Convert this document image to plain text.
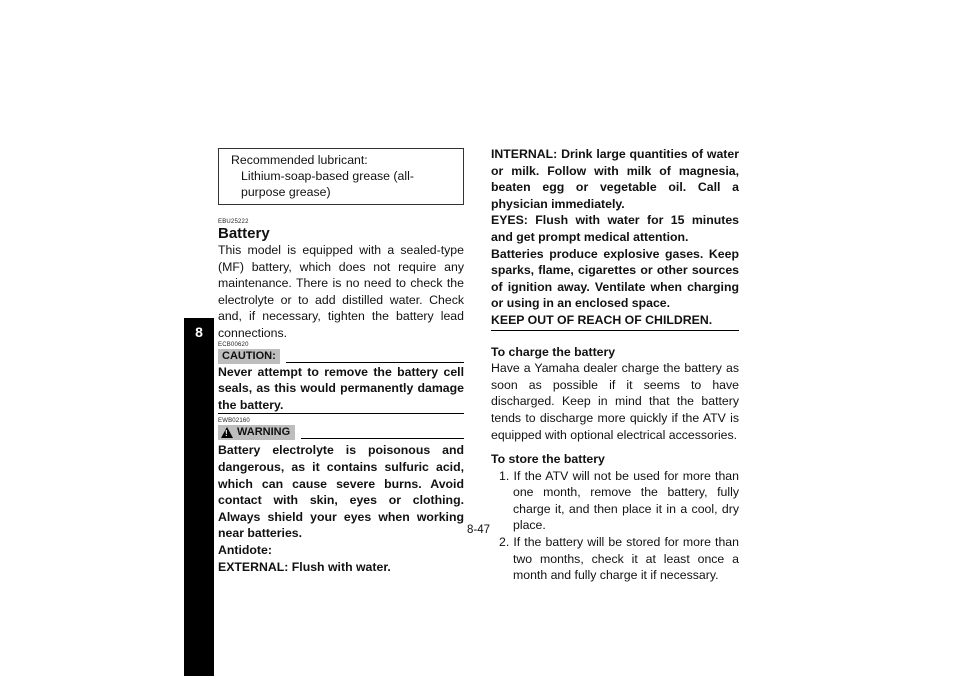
8
Recommended lubricant:
Lithium-soap-based grease (all-purpose grease)
EBU25222
Battery

This model is equipped with a sealed-type (MF) battery, which does not require any maintenance. There is no need to check the electrolyte or to add distilled water. Check and, if necessary, tighten the battery lead connections.

ECB00620
CAUTION:

Never attempt to remove the battery cell seals, as this would permanently damage the battery.

EWB02160
! WARNING

Battery electrolyte is poisonous and dangerous, as it contains sulfuric acid, which can cause severe burns. Avoid contact with skin, eyes or clothing. Always shield your eyes when working near batteries.

Antidote:

EXTERNAL: Flush with water.

INTERNAL: Drink large quantities of water or milk. Follow with milk of magnesia, beaten egg or vegetable oil. Call a physician immediately.

EYES: Flush with water for 15 minutes and get prompt medical attention.

Batteries produce explosive gases. Keep sparks, flame, cigarettes or other sources of ignition away. Ventilate when charging or using in an enclosed space.

KEEP OUT OF REACH OF CHILDREN.

To charge the battery

Have a Yamaha dealer charge the battery as soon as possible if it seems to have discharged. Keep in mind that the battery tends to discharge more quickly if the ATV is equipped with optional electrical accessories.

To store the battery
1. If the ATV will not be used for more than one month, remove the battery, fully charge it, and then place it in a cool, dry place.
2. If the battery will be stored for more than two months, check it at least once a month and fully charge it if necessary.
8-47
